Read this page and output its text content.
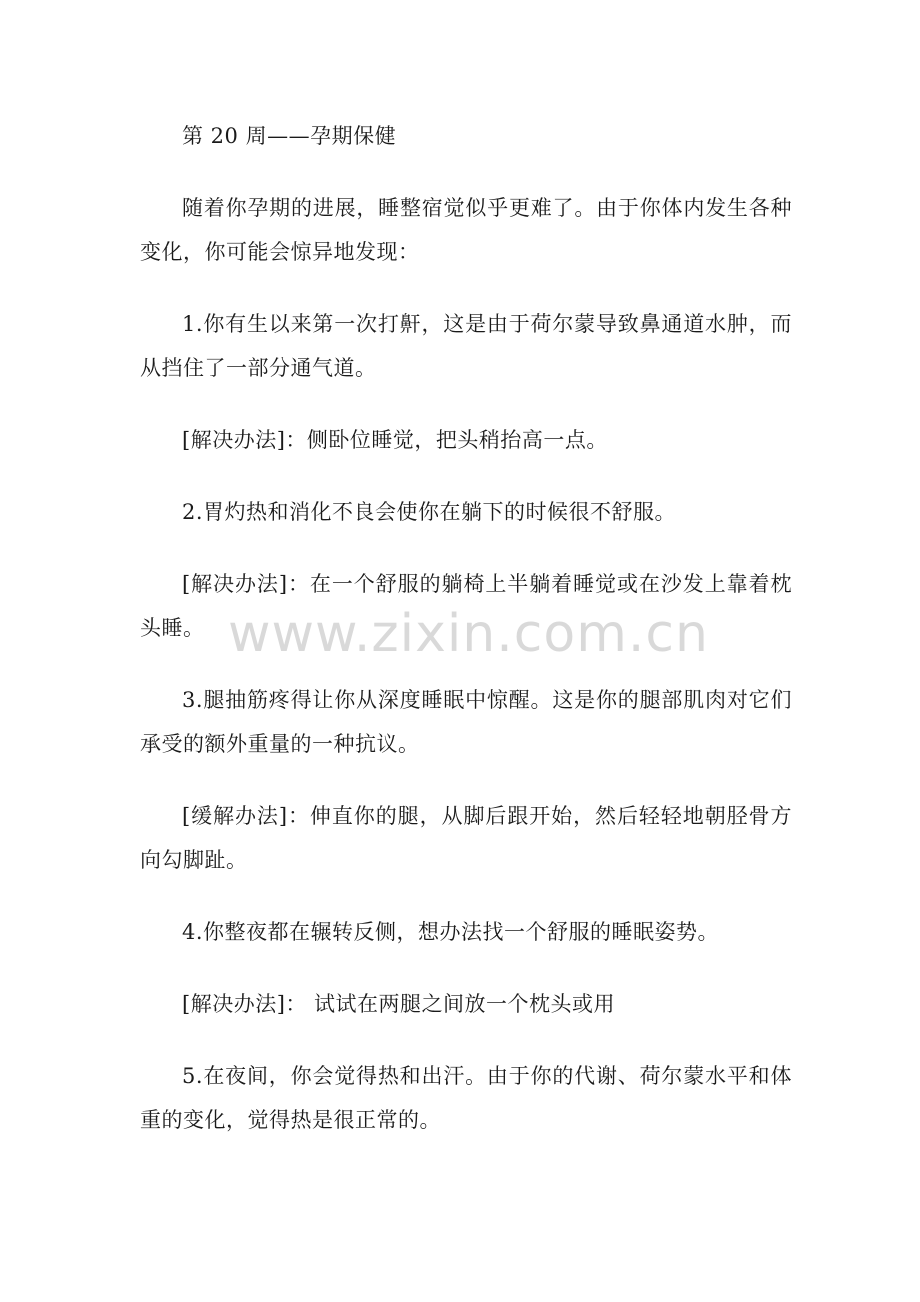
www.zixin.com.cn

第 20 周——孕期保健

随着你孕期的进展，睡整宿觉似乎更难了。由于你体内发生各种变化，你可能会惊异地发现：

1.你有生以来第一次打鼾，这是由于荷尔蒙导致鼻通道水肿，而从挡住了一部分通气道。

[解决办法]：侧卧位睡觉，把头稍抬高一点。

2.胃灼热和消化不良会使你在躺下的时候很不舒服。

[解决办法]：在一个舒服的躺椅上半躺着睡觉或在沙发上靠着枕头睡。

3.腿抽筋疼得让你从深度睡眠中惊醒。这是你的腿部肌肉对它们承受的额外重量的一种抗议。

[缓解办法]：伸直你的腿，从脚后跟开始，然后轻轻地朝胫骨方向勾脚趾。

4.你整夜都在辗转反侧，想办法找一个舒服的睡眠姿势。

[解决办法]： 试试在两腿之间放一个枕头或用

5.在夜间，你会觉得热和出汗。由于你的代谢、荷尔蒙水平和体重的变化，觉得热是很正常的。
